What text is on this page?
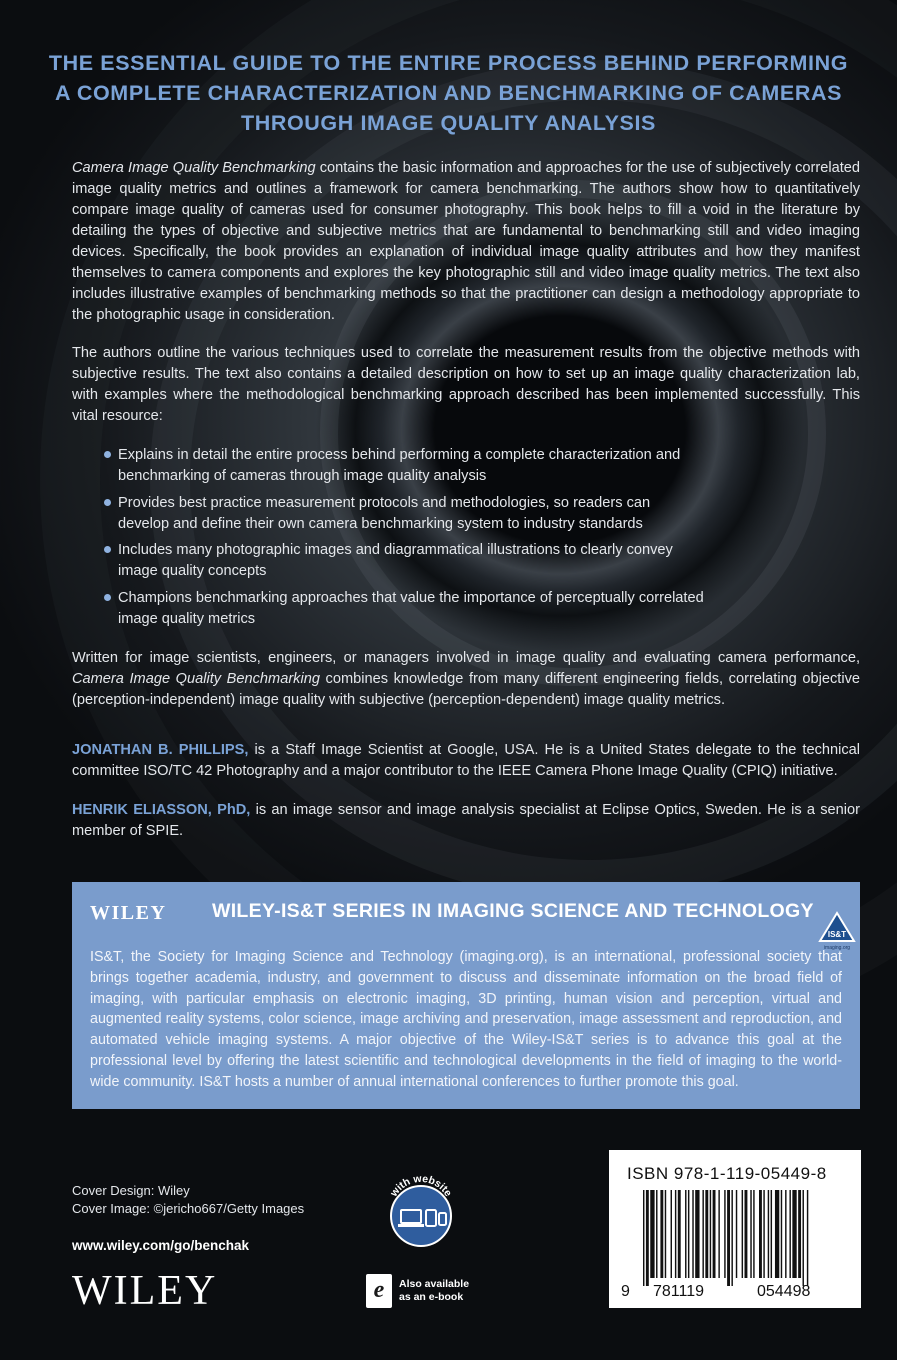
THE ESSENTIAL GUIDE TO THE ENTIRE PROCESS BEHIND PERFORMING
A COMPLETE CHARACTERIZATION AND BENCHMARKING OF CAMERAS
THROUGH IMAGE QUALITY ANALYSIS
Camera Image Quality Benchmarking contains the basic information and approaches for the use of subjectively correlated image quality metrics and outlines a framework for camera benchmarking. The authors show how to quantitatively compare image quality of cameras used for consumer photography. This book helps to fill a void in the literature by detailing the types of objective and subjective metrics that are fundamental to benchmarking still and video imaging devices. Specifically, the book provides an explanation of individual image quality attributes and how they manifest themselves to camera components and explores the key photographic still and video image quality metrics. The text also includes illustrative examples of benchmarking methods so that the practitioner can design a methodology appropriate to the photographic usage in consideration.
The authors outline the various techniques used to correlate the measurement results from the objective methods with subjective results. The text also contains a detailed description on how to set up an image quality characterization lab, with examples where the methodological benchmarking approach described has been implemented successfully. This vital resource:
Explains in detail the entire process behind performing a complete characterization and benchmarking of cameras through image quality analysis
Provides best practice measurement protocols and methodologies, so readers can develop and define their own camera benchmarking system to industry standards
Includes many photographic images and diagrammatical illustrations to clearly convey image quality concepts
Champions benchmarking approaches that value the importance of perceptually correlated image quality metrics
Written for image scientists, engineers, or managers involved in image quality and evaluating camera performance, Camera Image Quality Benchmarking combines knowledge from many different engineering fields, correlating objective (perception-independent) image quality with subjective (perception-dependent) image quality metrics.
JONATHAN B. PHILLIPS, is a Staff Image Scientist at Google, USA. He is a United States delegate to the technical committee ISO/TC 42 Photography and a major contributor to the IEEE Camera Phone Image Quality (CPIQ) initiative.
HENRIK ELIASSON, PhD, is an image sensor and image analysis specialist at Eclipse Optics, Sweden. He is a senior member of SPIE.
WILEY WILEY-IS&T SERIES IN IMAGING SCIENCE AND TECHNOLOGY
IS&T
imaging.org
IS&T, the Society for Imaging Science and Technology (imaging.org), is an international, professional society that brings together academia, industry, and government to discuss and disseminate information on the broad field of imaging, with particular emphasis on electronic imaging, 3D printing, human vision and perception, virtual and augmented reality systems, color science, image archiving and preservation, image assessment and reproduction, and automated vehicle imaging systems. A major objective of the Wiley-IS&T series is to advance this goal at the professional level by offering the latest scientific and technological developments in the field of imaging to the world-wide community. IS&T hosts a number of annual international conferences to further promote this goal.
Cover Design: Wiley
Cover Image: ©jericho667/Getty Images
www.wiley.com/go/benchak
WILEY
with website
e	Also available
as an e-book
ISBN 978-1-119-05449-8
9 781119	054498
